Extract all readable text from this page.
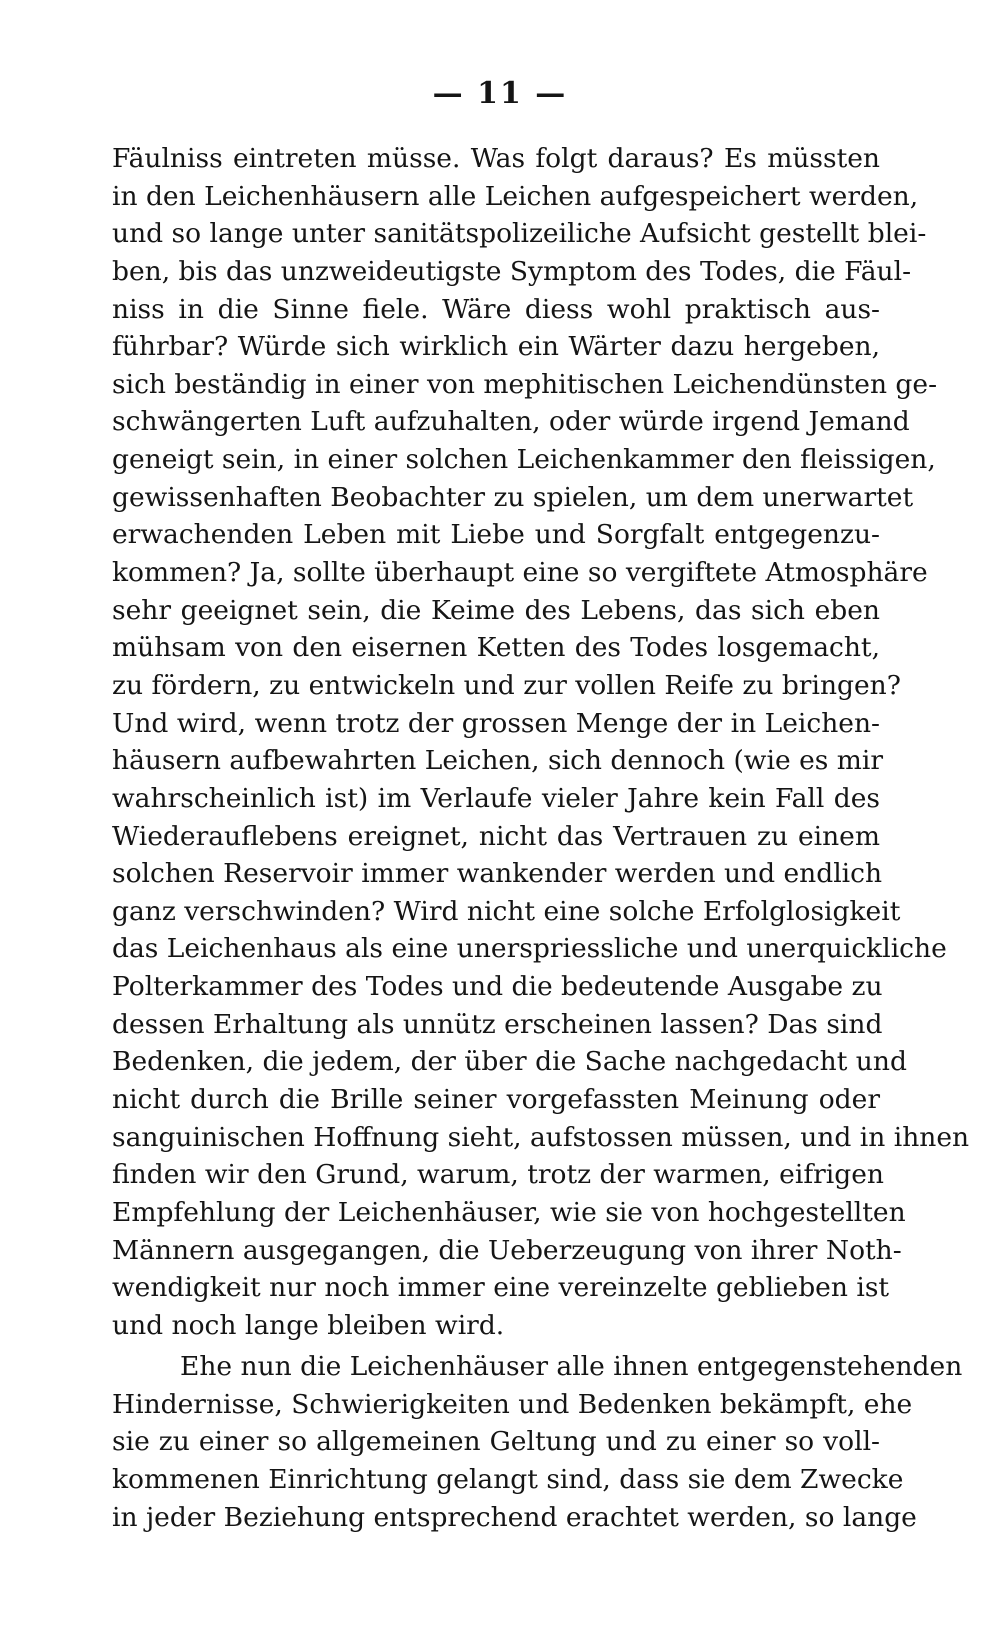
— 11 —
Fäulniss eintreten müsse. Was folgt daraus? Es müssten
in den Leichenhäusern alle Leichen aufgespeichert werden,
und so lange unter sanitätspolizeiliche Aufsicht gestellt blei-
ben, bis das unzweideutigste Symptom des Todes, die Fäul-
niss in die Sinne fiele. Wäre diess wohl praktisch aus-
führbar? Würde sich wirklich ein Wärter dazu hergeben,
sich beständig in einer von mephitischen Leichendünsten ge-
schwängerten Luft aufzuhalten, oder würde irgend Jemand
geneigt sein, in einer solchen Leichenkammer den fleissigen,
gewissenhaften Beobachter zu spielen, um dem unerwartet
erwachenden Leben mit Liebe und Sorgfalt entgegenzu-
kommen? Ja, sollte überhaupt eine so vergiftete Atmosphäre
sehr geeignet sein, die Keime des Lebens, das sich eben
mühsam von den eisernen Ketten des Todes losgemacht,
zu fördern, zu entwickeln und zur vollen Reife zu bringen?
Und wird, wenn trotz der grossen Menge der in Leichen-
häusern aufbewahrten Leichen, sich dennoch (wie es mir
wahrscheinlich ist) im Verlaufe vieler Jahre kein Fall des
Wiederauflebens ereignet, nicht das Vertrauen zu einem
solchen Reservoir immer wankender werden und endlich
ganz verschwinden? Wird nicht eine solche Erfolglosigkeit
das Leichenhaus als eine unerspriessliche und unerquickliche
Polterkammer des Todes und die bedeutende Ausgabe zu
dessen Erhaltung als unnütz erscheinen lassen? Das sind
Bedenken, die jedem, der über die Sache nachgedacht und
nicht durch die Brille seiner vorgefassten Meinung oder
sanguinischen Hoffnung sieht, aufstossen müssen, und in ihnen
finden wir den Grund, warum, trotz der warmen, eifrigen
Empfehlung der Leichenhäuser, wie sie von hochgestellten
Männern ausgegangen, die Ueberzeugung von ihrer Noth-
wendigkeit nur noch immer eine vereinzelte geblieben ist
und noch lange bleiben wird.
Ehe nun die Leichenhäuser alle ihnen entgegenstehenden
Hindernisse, Schwierigkeiten und Bedenken bekämpft, ehe
sie zu einer so allgemeinen Geltung und zu einer so voll-
kommenen Einrichtung gelangt sind, dass sie dem Zwecke
in jeder Beziehung entsprechend erachtet werden, so lange
